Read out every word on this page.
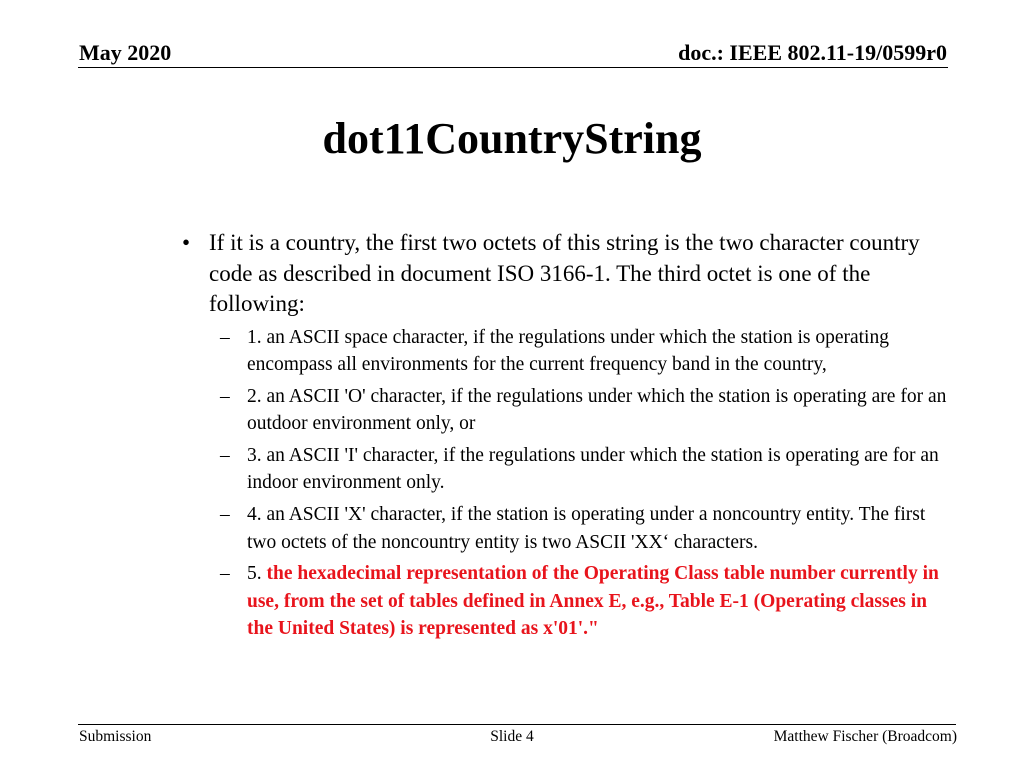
May 2020	doc.: IEEE 802.11-19/0599r0
dot11CountryString
• If it is a country, the first two octets of this string is the two character country code as described in document ISO 3166-1. The third octet is one of the following:
– 1. an ASCII space character, if the regulations under which the station is operating encompass all environments for the current frequency band in the country,
– 2. an ASCII 'O' character, if the regulations under which the station is operating are for an outdoor environment only, or
– 3. an ASCII 'I' character, if the regulations under which the station is operating are for an indoor environment only.
– 4. an ASCII 'X' character, if the station is operating under a noncountry entity. The first two octets of the noncountry entity is two ASCII 'XX‘ characters.
– 5. the hexadecimal representation of the Operating Class table number currently in use, from the set of tables defined in Annex E, e.g., Table E-1 (Operating classes in the United States) is represented as x'01'."
Submission	Slide 4	Matthew Fischer (Broadcom)
